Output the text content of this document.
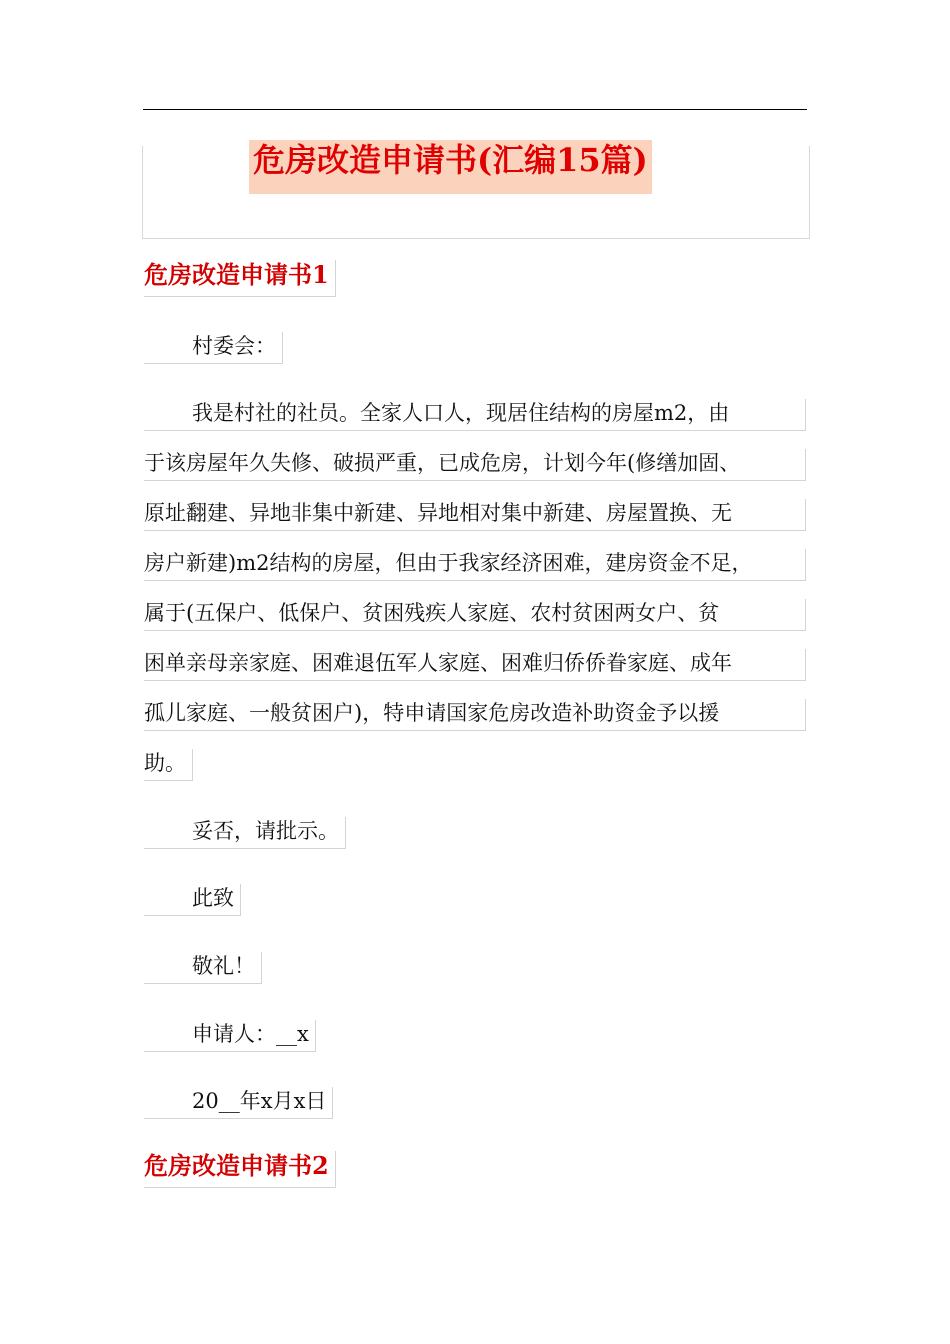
危房改造申请书(汇编15篇)
危房改造申请书1
村委会：
我是村社的社员。全家人口人，现居住结构的房屋m2，由
于该房屋年久失修、破损严重，已成危房，计划今年(修缮加固、
原址翻建、异地非集中新建、异地相对集中新建、房屋置换、无
房户新建)m2结构的房屋，但由于我家经济困难，建房资金不足，
属于(五保户、低保户、贫困残疾人家庭、农村贫困两女户、贫
困单亲母亲家庭、困难退伍军人家庭、困难归侨侨眷家庭、成年
孤儿家庭、一般贫困户)，特申请国家危房改造补助资金予以援
助。
妥否，请批示。
此致
敬礼！
申请人：__x
20__年x月x日
危房改造申请书2
